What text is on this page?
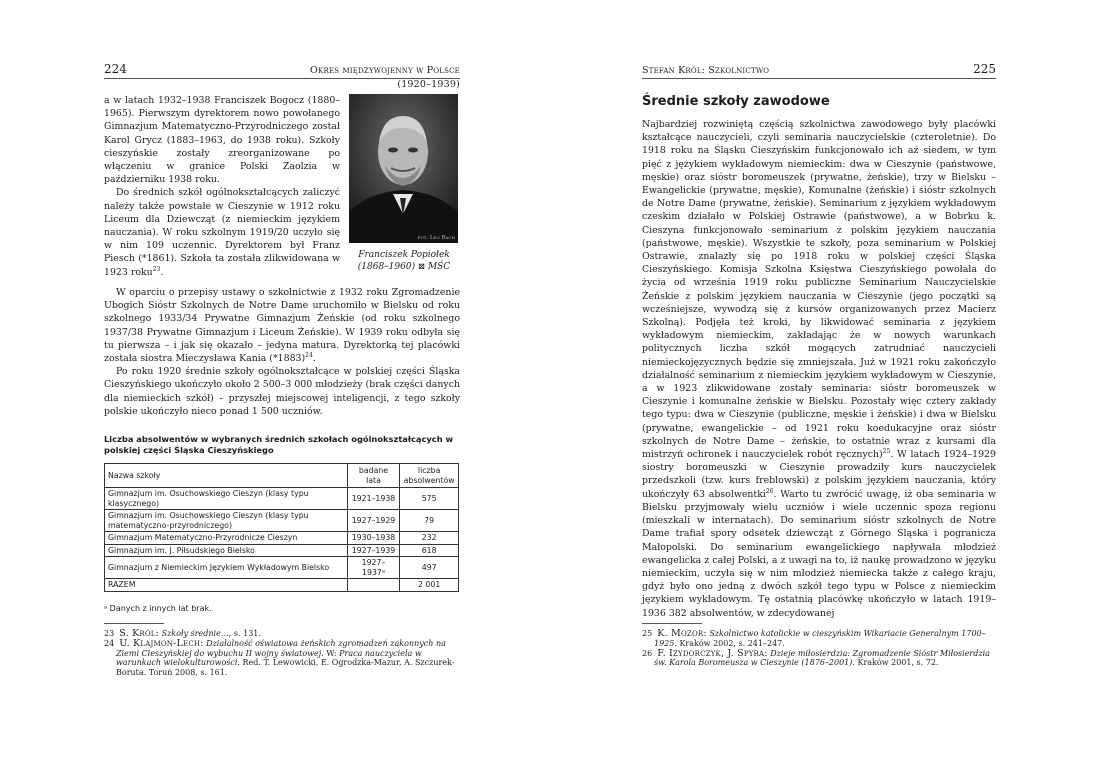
224	Okres międzywojenny w Polsce (1920–1939)

a w latach 1932–1938 Franciszek Bogocz (1880–1965). Pierwszym dyrektorem nowo powołanego Gimnazjum Matematyczno-Przyrodniczego został Karol Grycz (1883–1963, do 1938 roku). Szkoły cieszyńskie zostały zreorganizowane po włączeniu w granice Polski Zaolzia w październiku 1938 roku.

Do średnich szkół ogólnokształcących zaliczyć należy także powstałe w Cieszynie w 1912 roku Liceum dla Dziewcząt (z niemieckim językiem nauczania). W roku szkolnym 1919/20 uczyło się w nim 109 uczennic. Dyrektorem był Franz Piesch (*1861). Szkoła ta została zlikwidowana w 1923 roku$^{23}$.

fot. Leo Bach
Franciszek Popiołek
(1868–1960) ⊠ MŚC

W oparciu o przepisy ustawy o szkolnictwie z 1932 roku Zgromadzenie Ubogich Sióstr Szkolnych de Notre Dame uruchomiło w Bielsku od roku szkolnego 1933/34 Prywatne Gimnazjum Żeńskie (od roku szkolnego 1937/38 Prywatne Gimnazjum i Liceum Żeńskie). W 1939 roku odbyła się tu pierwsza – i jak się okazało – jedyna matura. Dyrektorką tej placówki została siostra Mieczysława Kania $(*1883)^{24}$.

Po roku 1920 średnie szkoły ogólnokształcące w polskiej części Śląska Cieszyńskiego ukończyło około 2 500–3 000 młodzieży (brak części danych dla niemieckich szkół) – przyszłej miejscowej inteligencji, z tego szkoły polskie ukończyło nieco ponad 1 500 uczniów.

Liczba absolwentów w wybranych średnich szkołach ogólnokształcących w polskiej części Śląska Cieszyńskiego
Nazwa szkoły	badane lata	liczba absolwentów
Gimnazjum im. Osuchowskiego Cieszyn (klasy typu klasycznego)	1921–1938	575
Gimnazjum im. Osuchowskiego Cieszyn (klasy typu matematyczno-przyrodniczego)	1927–1929	79
Gimnazjum Matematyczno-Przyrodnicze Cieszyn	1930–1938	232
Gimnazjum im. J. Piłsudskiego Bielsko	1927–1939	618
Gimnazjum z Niemieckim Językiem Wykładowym Bielsko	1927–1937ᵃ	497
RAZEM		2 001
ᵃ Danych z innych lat brak.
23 S. Król: Szkoły średnie…, s. 131.
24 U. Klajmon-Lech: Działalność oświatowa żeńskich zgromadzeń zakonnych na Ziemi Cieszyńskiej do wybuchu II wojny światowej. W: Praca nauczyciela w warunkach wielokulturowości. Red. T. Lewowicki, E. Ogrodzka-Mazur, A. Szczurek-Boruta. Toruń 2008, s. 161.
Stefan Król: Szkolnictwo	225
Średnie szkoły zawodowe

Najbardziej rozwiniętą częścią szkolnictwa zawodowego były placówki kształcące nauczycieli, czyli seminaria nauczycielskie (czteroletnie). Do 1918 roku na Śląsku Cieszyńskim funkcjonowało ich aż siedem, w tym pięć z językiem wykładowym niemieckim: dwa w Cieszynie (państwowe, męskie) oraz sióstr boromeuszek (prywatne, żeńskie), trzy w Bielsku – Ewangelickie (prywatne, męskie), Komunalne (żeńskie) i sióstr szkolnych de Notre Dame (prywatne, żeńskie). Seminarium z językiem wykładowym czeskim działało w Polskiej Ostrawie (państwowe), a w Bobrku k. Cieszyna funkcjonowało seminarium z polskim językiem nauczania (państwowe, męskie). Wszystkie te szkoły, poza seminarium w Polskiej Ostrawie, znalazły się po 1918 roku w polskiej części Śląska Cieszyńskiego. Komisja Szkolna Księstwa Cieszyńskiego powołała do życia od września 1919 roku publiczne Seminarium Nauczycielskie Żeńskie z polskim językiem nauczania w Cieszynie (jego początki są wcześniejsze, wywodzą się z kursów organizowanych przez Macierz Szkolną). Podjęła też kroki, by likwidować seminaria z językiem wykładowym niemieckim, zakładając że w nowych warunkach politycznych liczba szkół mogących zatrudniać nauczycieli niemieckojęzycznych będzie się zmniejszała. Już w 1921 roku zakończyło działalność seminarium z niemieckim językiem wykładowym w Cieszynie, a w 1923 zlikwidowane zostały seminaria: sióstr boromeuszek w Cieszynie i komunalne żeńskie w Bielsku. Pozostały więc cztery zakłady tego typu: dwa w Cieszynie (publiczne, męskie i żeńskie) i dwa w Bielsku (prywatne, ewangelickie – od 1921 roku koedukacyjne oraz sióstr szkolnych de Notre Dame – żeńskie, to ostatnie wraz z kursami dla mistrzyń ochronek i nauczycielek robót ręcznych)$^{25}$. W latach 1924–1929 siostry boromeuszki w Cieszynie prowadziły kurs nauczycielek przedszkoli (tzw. kurs freblowski) z polskim językiem nauczania, który ukończyły 63 absolwentki$^{26}$. Warto tu zwrócić uwagę, iż oba seminaria w Bielsku przyjmowały wielu uczniów i wiele uczennic spoza regionu (mieszkali w internatach). Do seminarium sióstr szkolnych de Notre Dame trafiał spory odsetek dziewcząt z Górnego Śląska i pogranicza Małopolski. Do seminarium ewangelickiego napływała młodzież ewangelicka z całej Polski, a z uwagi na to, iż naukę prowadzono w języku niemieckim, uczyła się w nim młodzież niemiecka także z całego kraju, gdyż było ono jedną z dwóch szkół tego typu w Polsce z niemieckim językiem wykładowym. Tę ostatnią placówkę ukończyło w latach 1919–1936 382 absolwentów, w zdecydowanej

25 K. Mozor: Szkolnictwo katolickie w cieszyńskim Wikariacie Generalnym 1700–1925. Kraków 2002, s. 241–247.
26 F. Izydorczyk, J. Spyra: Dzieje miłosierdzia: Zgromadzenie Sióstr Miłosierdzia św. Karola Boromeusza w Cieszynie (1876–2001). Kraków 2001, s. 72.
